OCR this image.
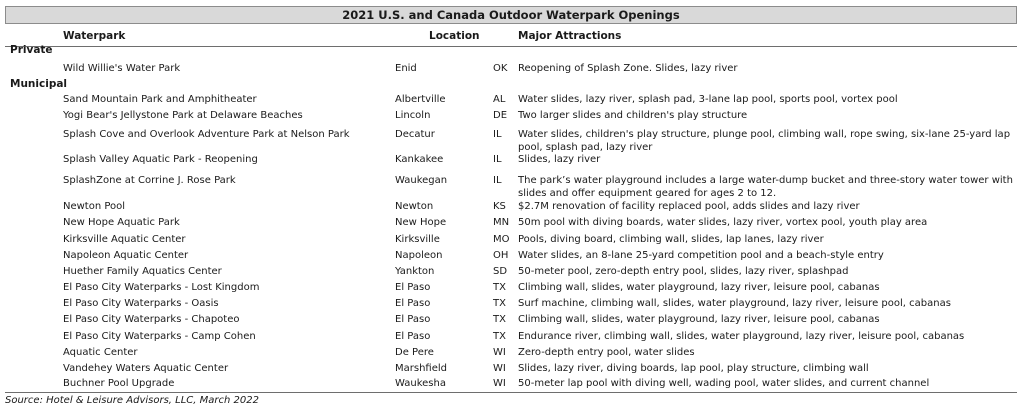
2021 U.S. and Canada Outdoor Waterpark Openings
Waterpark	Location	Major Attractions
Private
Wild Willie's Water Park	Enid	OK Reopening of Splash Zone. Slides, lazy river
Municipal
Sand Mountain Park and Amphitheater	Albertville	AL Water slides, lazy river, splash pad, 3-lane lap pool, sports pool, vortex pool
Yogi Bear's Jellystone Park at Delaware Beaches	Lincoln	DE Two larger slides and children's play structure
Splash Cove and Overlook Adventure Park at Nelson Park	Decatur	IL Water slides, children's play structure, plunge pool, climbing wall, rope swing, six-lane 25-yard lap pool, splash pad, lazy river
Splash Valley Aquatic Park - Reopening	Kankakee	IL Slides, lazy river
SplashZone at Corrine J. Rose Park	Waukegan	IL The park’s water playground includes a large water-dump bucket and three-story water tower with slides and offer equipment geared for ages 2 to 12.
Newton Pool	Newton	KS $2.7M renovation of facility replaced pool, adds slides and lazy river
New Hope Aquatic Park	New Hope	MN 50m pool with diving boards, water slides, lazy river, vortex pool, youth play area
Kirksville Aquatic Center	Kirksville	MO Pools, diving board, climbing wall, slides, lap lanes, lazy river
Napoleon Aquatic Center	Napoleon	OH Water slides, an 8-lane 25-yard competition pool and a beach-style entry
Huether Family Aquatics Center	Yankton	SD 50-meter pool, zero-depth entry pool, slides, lazy river, splashpad
El Paso City Waterparks - Lost Kingdom	El Paso	TX Climbing wall, slides, water playground, lazy river, leisure pool, cabanas
El Paso City Waterparks - Oasis	El Paso	TX Surf machine, climbing wall, slides, water playground, lazy river, leisure pool, cabanas
El Paso City Waterparks - Chapoteo	El Paso	TX Climbing wall, slides, water playground, lazy river, leisure pool, cabanas
El Paso City Waterparks - Camp Cohen	El Paso	TX Endurance river, climbing wall, slides, water playground, lazy river, leisure pool, cabanas
Aquatic Center	De Pere	WI Zero-depth entry pool, water slides
Vandehey Waters Aquatic Center	Marshfield	WI Slides, lazy river, diving boards, lap pool, play structure, climbing wall
Buchner Pool Upgrade	Waukesha	WI 50-meter lap pool with diving well, wading pool, water slides, and current channel
Source: Hotel & Leisure Advisors, LLC, March 2022
